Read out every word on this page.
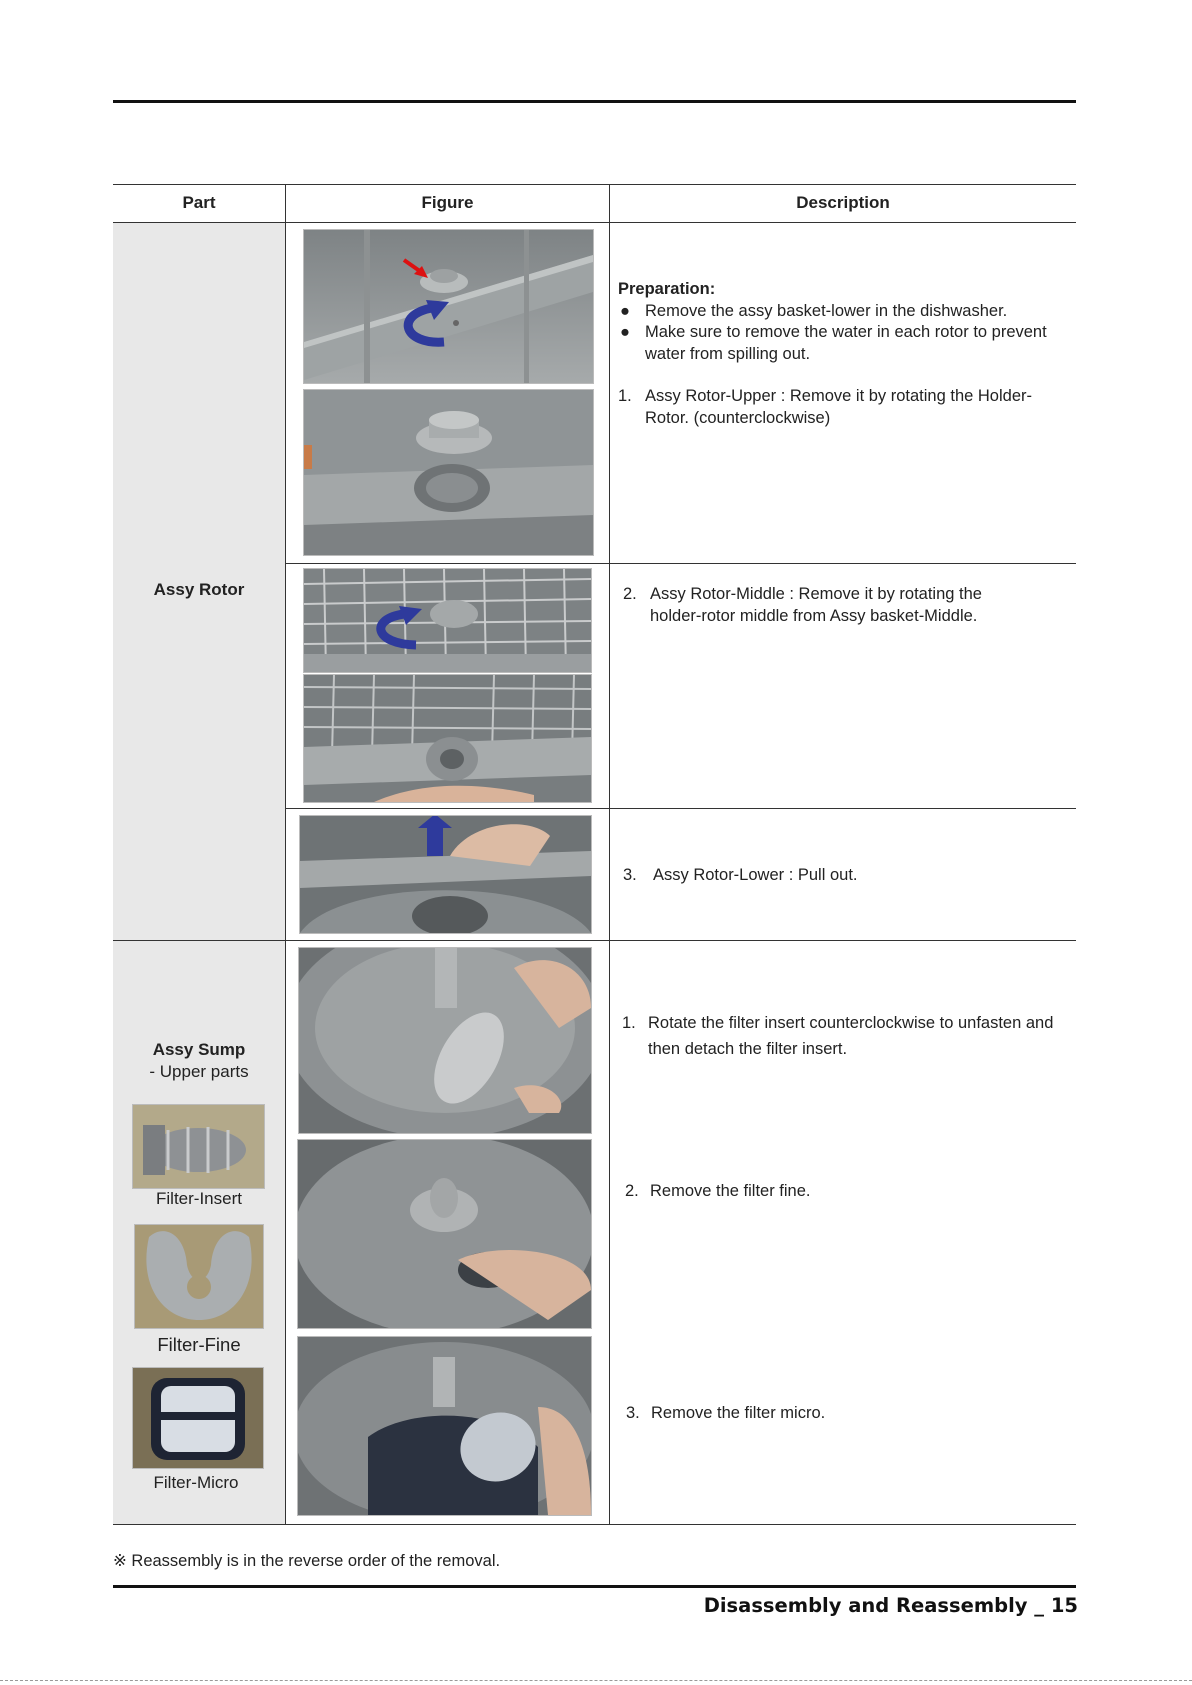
Part	Figure	Description
Assy Rotor
Preparation:
● Remove the assy basket-lower in the dishwasher.
● Make sure to remove the water in each rotor to prevent water from spilling out.
1. Assy Rotor-Upper : Remove it by rotating the Holder-Rotor. (counterclockwise)
2. Assy Rotor-Middle : Remove it by rotating the holder-rotor middle from Assy basket-Middle.
3. Assy Rotor-Lower : Pull out.
Assy Sump
- Upper parts
Filter-Insert
Filter-Fine
Filter-Micro
1. Rotate the filter insert counterclockwise to unfasten and then detach the filter insert.
2. Remove the filter fine.
3. Remove the filter micro.
※ Reassembly is in the reverse order of the removal.
Disassembly and Reassembly _ 15
